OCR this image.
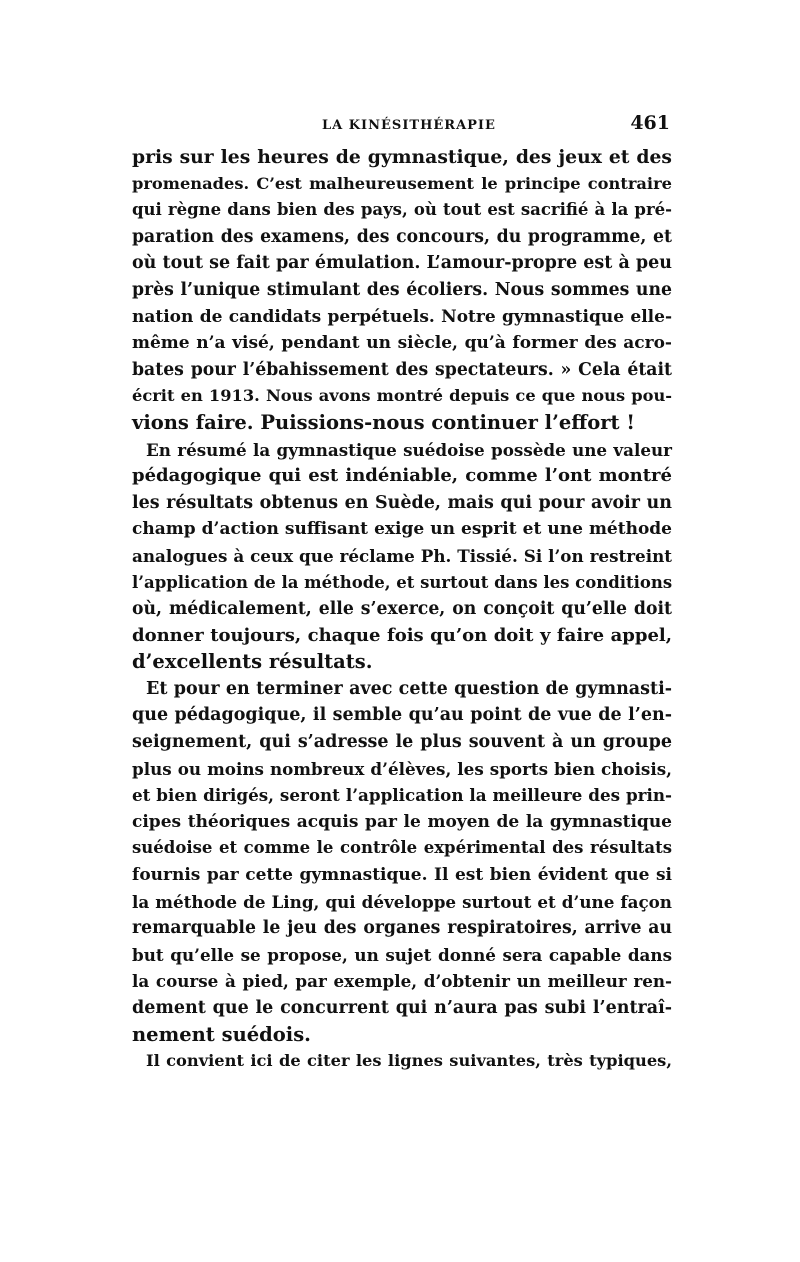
LA KINÉSITHÉRAPIE	461
pris sur les heures de gymnastique, des jeux et des
promenades. C’est malheureusement le principe contraire
qui règne dans bien des pays, où tout est sacrifié à la pré-
paration des examens, des concours, du programme, et
où tout se fait par émulation. L’amour-propre est à peu
près l’unique stimulant des écoliers. Nous sommes une
nation de candidats perpétuels. Notre gymnastique elle-
même n’a visé, pendant un siècle, qu’à former des acro-
bates pour l’ébahissement des spectateurs. » Cela était
écrit en 1913. Nous avons montré depuis ce que nous pou-
vions faire. Puissions-nous continuer l’effort !
En résumé la gymnastique suédoise possède une valeur
pédagogique qui est indéniable, comme l’ont montré
les résultats obtenus en Suède, mais qui pour avoir un
champ d’action suffisant exige un esprit et une méthode
analogues à ceux que réclame Ph. Tissié. Si l’on restreint
l’application de la méthode, et surtout dans les conditions
où, médicalement, elle s’exerce, on conçoit qu’elle doit
donner toujours, chaque fois qu’on doit y faire appel,
d’excellents résultats.
Et pour en terminer avec cette question de gymnasti-
que pédagogique, il semble qu’au point de vue de l’en-
seignement, qui s’adresse le plus souvent à un groupe
plus ou moins nombreux d’élèves, les sports bien choisis,
et bien dirigés, seront l’application la meilleure des prin-
cipes théoriques acquis par le moyen de la gymnastique
suédoise et comme le contrôle expérimental des résultats
fournis par cette gymnastique. Il est bien évident que si
la méthode de Ling, qui développe surtout et d’une façon
remarquable le jeu des organes respiratoires, arrive au
but qu’elle se propose, un sujet donné sera capable dans
la course à pied, par exemple, d’obtenir un meilleur ren-
dement que le concurrent qui n’aura pas subi l’entraî-
nement suédois.
Il convient ici de citer les lignes suivantes, très typiques,
